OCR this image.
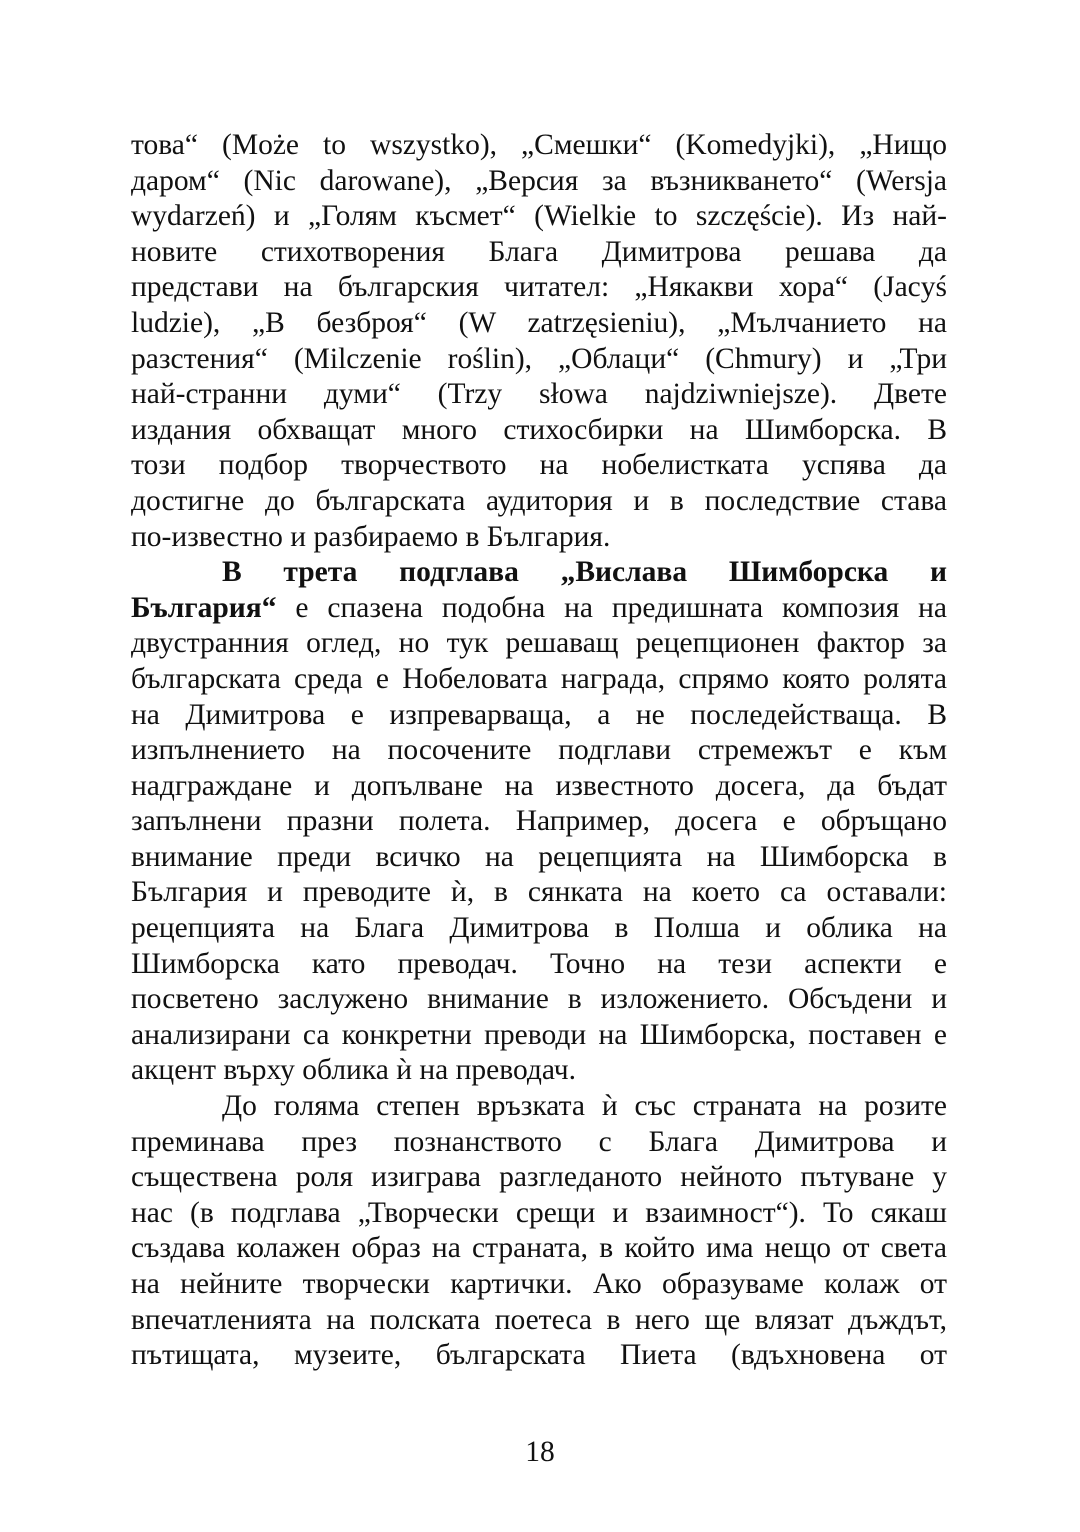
това“ (Może to wszystko), „Смешки“ (Komedyjki), „Нищо
даром“ (Nic darowane), „Версия за възникването“ (Wersja
wydarzeń) и „Голям късмет“ (Wielkie to szczęście). Из най-
новите стихотворения Блага Димитрова решава да
представи на българския читател: „Някакви хора“ (Jacyś
ludzie), „В безброя“ (W zatrzęsieniu), „Мълчанието на
разстения“ (Milczenie roślin), „Облаци“ (Chmury) и „Три
най-странни думи“ (Trzy słowa najdziwniejsze). Двете
издания обхващат много стихосбирки на Шимборска. В
този подбор творчеството на нобелистката успява да
достигне до българската аудитория и в последствие става
по-известно и разбираемо в България.

В трета подглава „Вислава Шимборска и
България“ е спазена подобна на предишната композия на
двустранния оглед, но тук решаващ рецепционен фактор за
българската среда е Нобеловата награда, спрямо която ролята
на Димитрова е изпреварваща, а не последействаща. В
изпълнението на посочените подглави стремежът е към
надграждане и допълване на известното досега, да бъдат
запълнени празни полета. Например, досега е обръщано
внимание преди всичко на рецепцията на Шимборска в
България и преводите ѝ, в сянката на което са оставали:
рецепцията на Блага Димитрова в Полша и облика на
Шимборска като преводач. Точно на тези аспекти е
посветено заслужено внимание в изложението. Обсъдени и
анализирани са конкретни преводи на Шимборска, поставен е
акцент върху облика ѝ на преводач.

До голяма степен връзката ѝ със страната на розите
преминава през познанството с Блага Димитрова и
съществена роля изиграва разгледаното нейното пътуване у
нас (в подглава „Творчески срещи и взаимност“). То сякаш
създава колажен образ на страната, в който има нещо от света
на нейните творчески картички. Ако образуваме колаж от
впечатленията на полската поетеса в него ще влязат дъждът,
пътищата, музеите, българската Пиета (вдъхновена от

18
